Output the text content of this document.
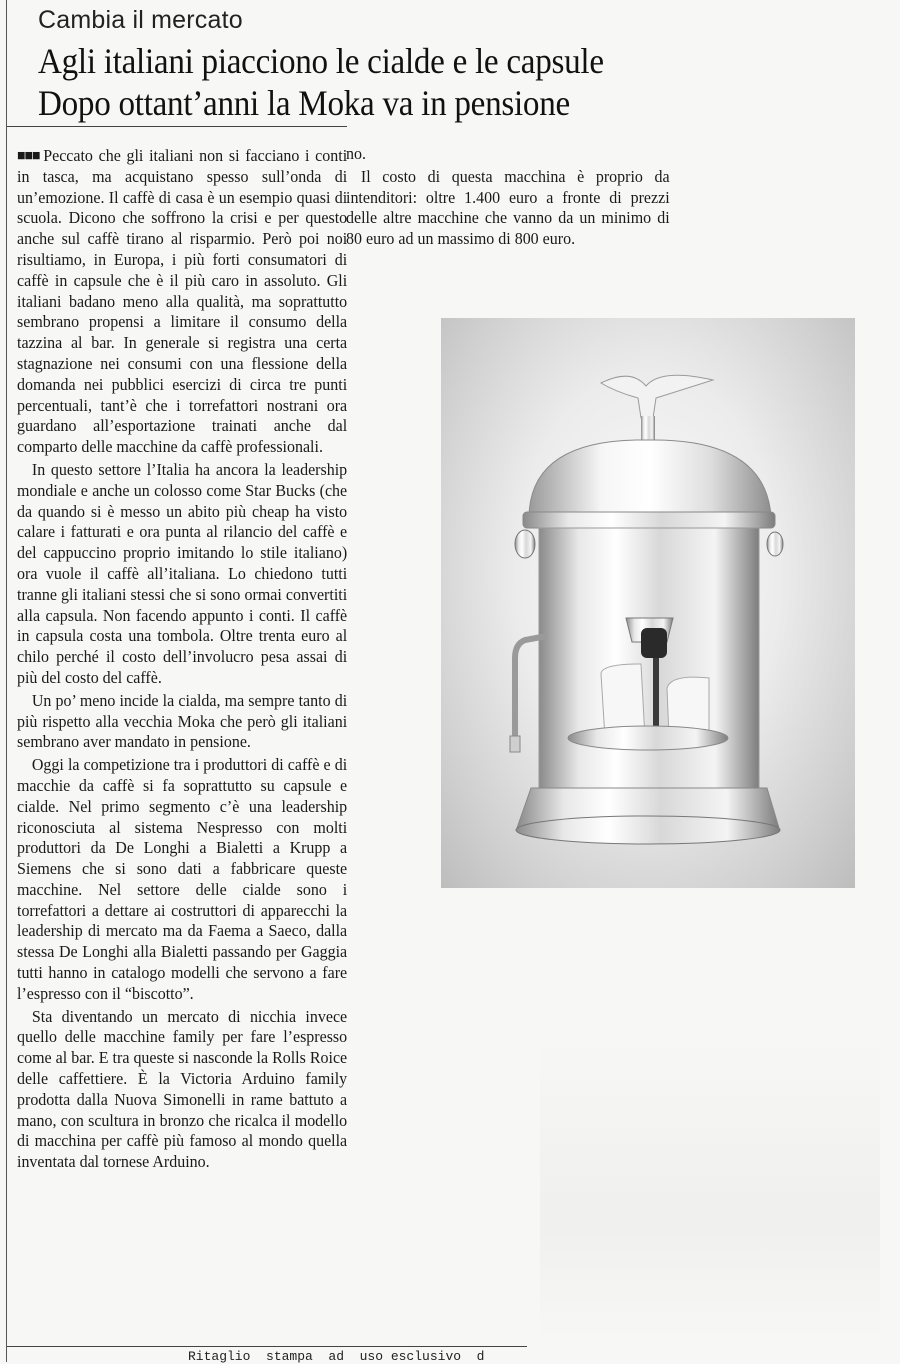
Cambia il mercato
Agli italiani piacciono le cialde e le capsule
Dopo ottant’anni la Moka va in pensione

■■■ Peccato che gli italiani non si facciano i conti in tasca, ma acquistano spesso sull’onda di un’emozione. Il caffè di casa è un esempio quasi di scuola. Dicono che soffrono la crisi e per questo anche sul caffè tirano al risparmio. Però poi noi risultiamo, in Europa, i più forti consumatori di caffè in capsule che è il più caro in assoluto. Gli italiani badano meno alla qualità, ma soprattutto sembrano propensi a limitare il consumo della tazzina al bar. In generale si registra una certa stagnazione nei consumi con una flessione della domanda nei pubblici esercizi di circa tre punti percentuali, tant’è che i torrefattori nostrani ora guardano all’esportazione trainati anche dal comparto delle macchine da caffè professionali.

In questo settore l’Italia ha ancora la leadership mondiale e anche un colosso come Star Bucks (che da quando si è messo un abito più cheap ha visto calare i fatturati e ora punta al rilancio del caffè e del cappuccino proprio imitando lo stile italiano) ora vuole il caffè all’italiana. Lo chiedono tutti tranne gli italiani stessi che si sono ormai convertiti alla capsula. Non facendo appunto i conti. Il caffè in capsula costa una tombola. Oltre trenta euro al chilo perché il costo dell’involucro pesa assai di più del costo del caffè.

Un po’ meno incide la cialda, ma sempre tanto di più rispetto alla vecchia Moka che però gli italiani sembrano aver mandato in pensione.

Oggi la competizione tra i produttori di caffè e di macchie da caffè si fa soprattutto su capsule e cialde. Nel primo segmento c’è una leadership riconosciuta al sistema Nespresso con molti produttori da De Longhi a Bialetti a Krupp a Siemens che si sono dati a fabbricare queste macchine. Nel settore delle cialde sono i torrefattori a dettare ai costruttori di apparecchi la leadership di mercato ma da Faema a Saeco, dalla stessa De Longhi alla Bialetti passando per Gaggia tutti hanno in catalogo modelli che servono a fare l’espresso con il “biscotto”.

Sta diventando un mercato di nicchia invece quello delle macchine family per fare l’espresso come al bar. E tra queste si nasconde la Rolls Roice delle caffettiere. È la Victoria Arduino family prodotta dalla Nuova Simonelli in rame battuto a mano, con scultura in bronzo che ricalca il modello di macchina per caffè più famoso al mondo quella inventata dal tornese Arduino.

no.

Il costo di questa macchina è proprio da intenditori: oltre 1.400 euro a fronte di prezzi delle altre macchine che vanno da un minimo di 80 euro ad un massimo di 800 euro.

Ritaglio  stampa  ad  uso esclusivo  d
